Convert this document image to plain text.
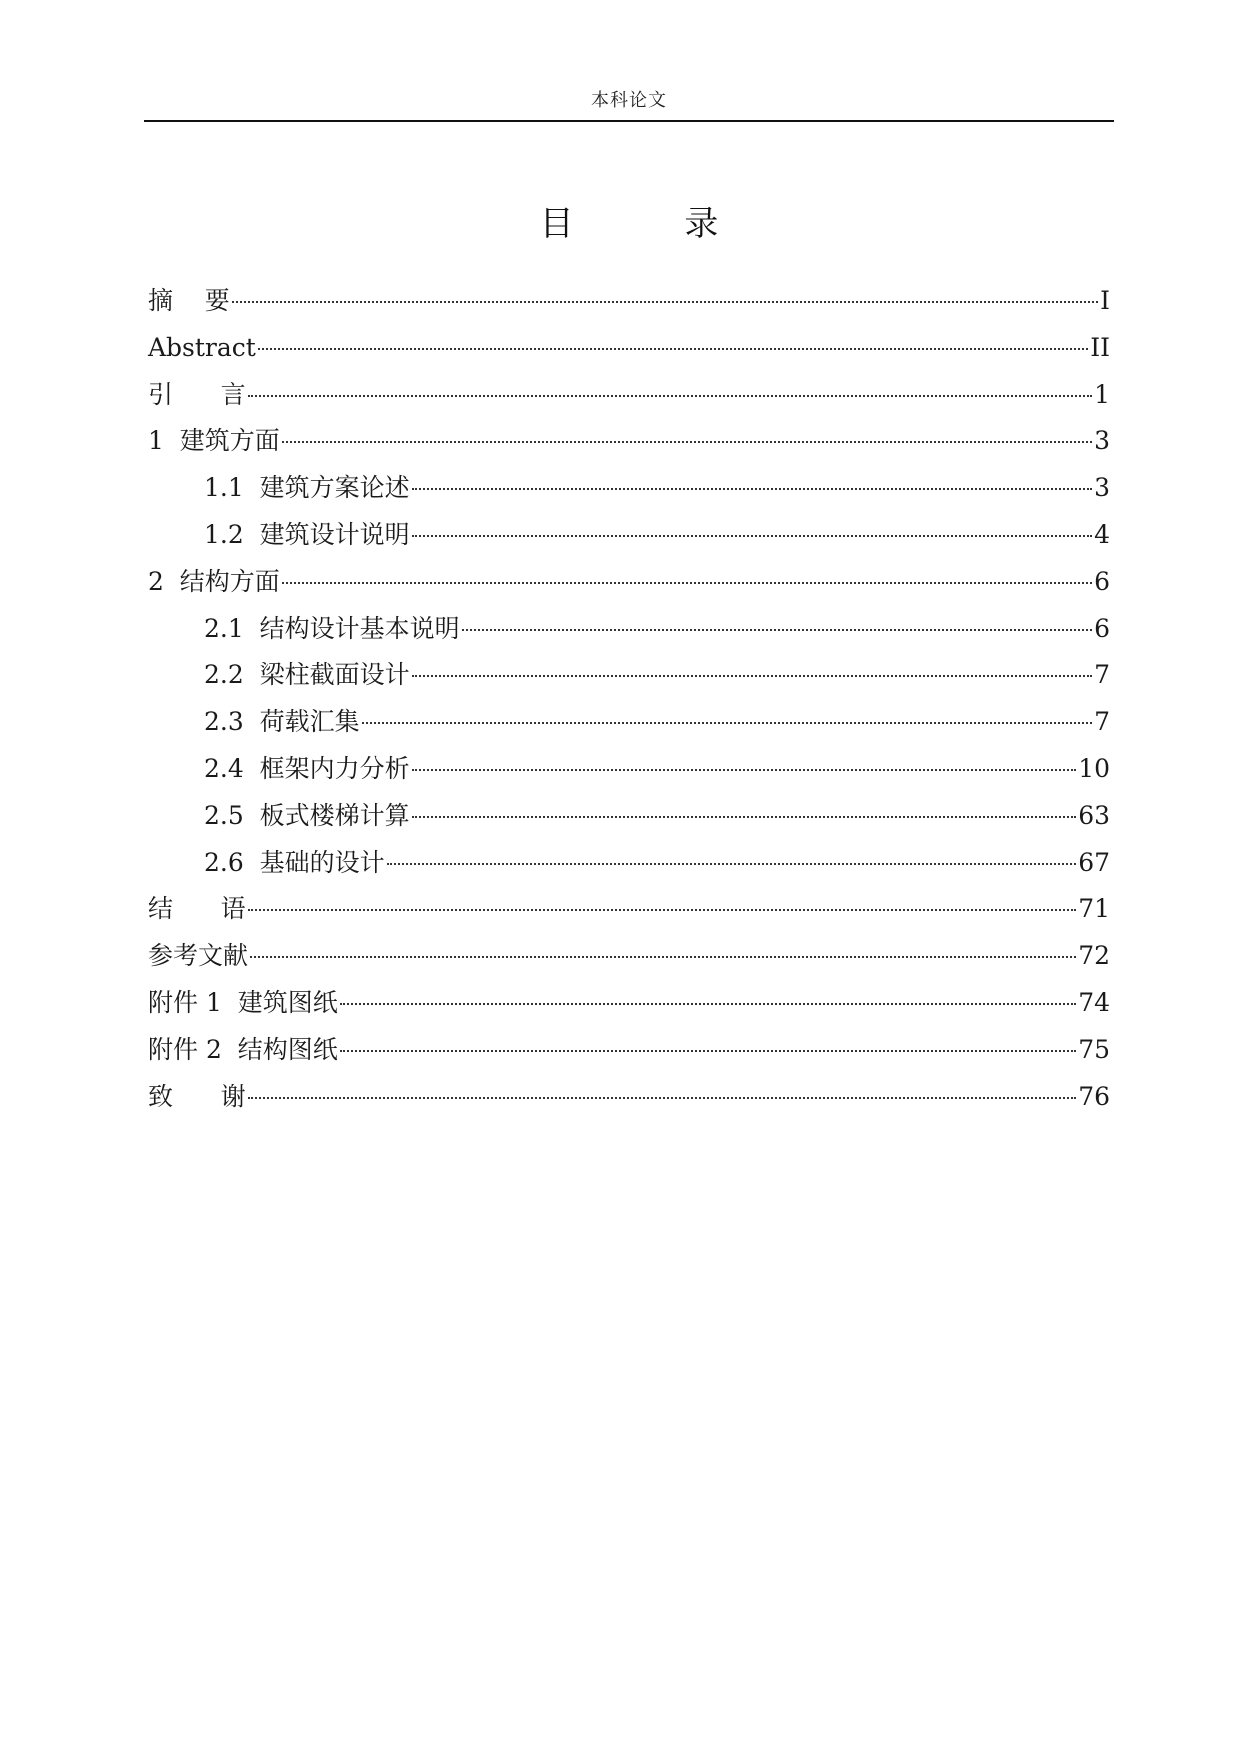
本科论文
目 录
摘    要	I
Abstract	II
引      言	1
1  建筑方面	3
1.1  建筑方案论述	3
1.2  建筑设计说明	4
2  结构方面	6
2.1  结构设计基本说明	6
2.2  梁柱截面设计	7
2.3  荷载汇集	7
2.4  框架内力分析	10
2.5  板式楼梯计算	63
2.6  基础的设计	67
结      语	71
参考文献	72
附件 1  建筑图纸	74
附件 2  结构图纸	75
致      谢	76
